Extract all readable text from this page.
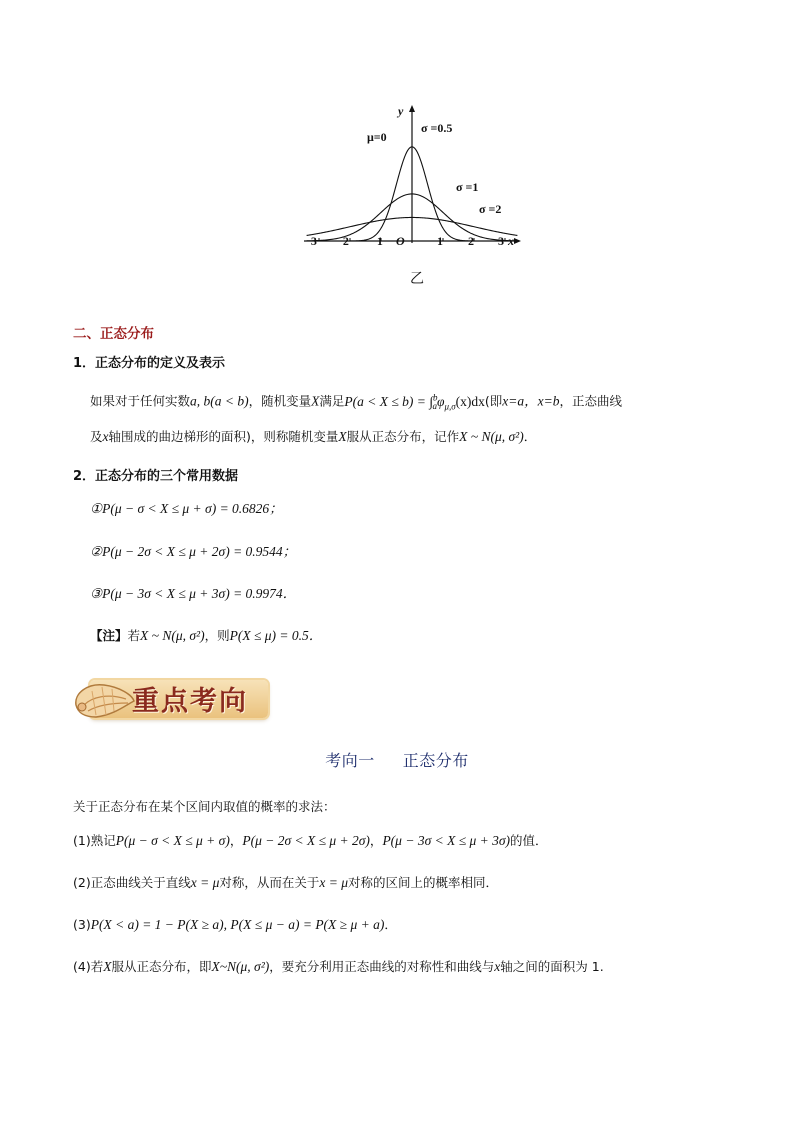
y
x
O
μ=0
σ =0.5
σ =1
σ =2
−3 −2 −1	1 2 3
乙
二、正态分布
1．正态分布的定义及表示
如果对于任何实数a, b(a < b)，随机变量X满足$P(a < X \le b) = \int^b_a\varphi_{\mu,\sigma}(x)dx$(即x=a，x=b，正态曲线
及x轴围成的曲边梯形的面积)，则称随机变量X服从正态分布，记作X ~ N(μ, σ²)．
2．正态分布的三个常用数据
①P(μ − σ < X ≤ μ + σ) = 0.6826；
②P(μ − 2σ < X ≤ μ + 2σ) = 0.9544；
③P(μ − 3σ < X ≤ μ + 3σ) = 0.9974．
【注】若X ~ N(μ, σ²)，则P(X ≤ μ) = 0.5．
重点考向
考向一 正态分布
关于正态分布在某个区间内取值的概率的求法：
(1)熟记P(μ − σ < X ≤ μ + σ)，P(μ − 2σ < X ≤ μ + 2σ)，P(μ − 3σ < X ≤ μ + 3σ)的值．
(2)正态曲线关于直线x = μ对称，从而在关于x = μ对称的区间上的概率相同．
(3)P(X < a) = 1 − P(X ≥ a), P(X ≤ μ − a) = P(X ≥ μ + a)．
(4)若X服从正态分布，即X~N(μ, σ²)，要充分利用正态曲线的对称性和曲线与x轴之间的面积为 1.
